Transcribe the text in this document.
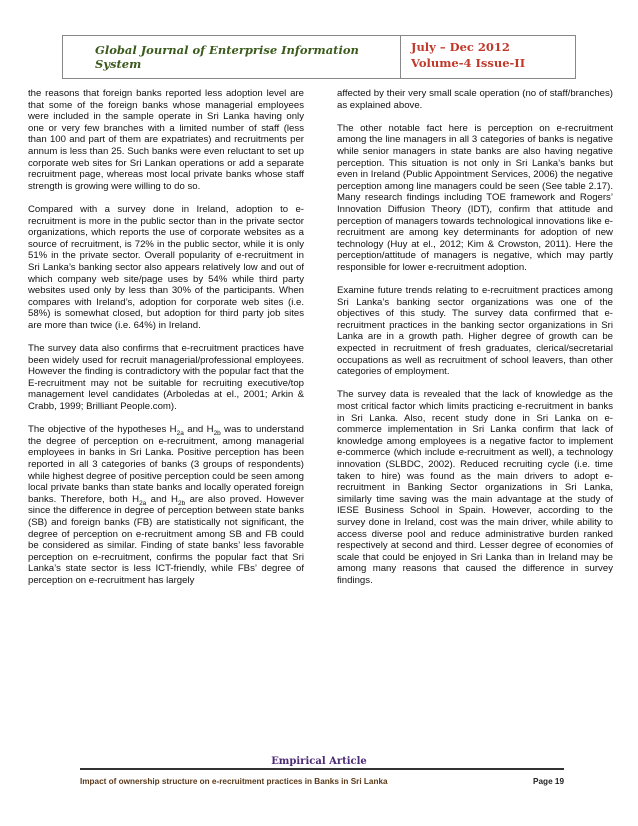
Global Journal of Enterprise Information System
July – Dec 2012
Volume-4 Issue-II

the reasons that foreign banks reported less adoption level are that some of the foreign banks whose managerial employees were included in the sample operate in Sri Lanka having only one or very few branches with a limited number of staff (less than 100 and part of them are expatriates) and recruitments per annum is less than 25. Such banks were even reluctant to set up corporate web sites for Sri Lankan operations or add a separate recruitment page, whereas most local private banks whose staff strength is growing were willing to do so.

Compared with a survey done in Ireland, adoption to e-recruitment is more in the public sector than in the private sector organizations, which reports the use of corporate websites as a source of recruitment, is 72% in the public sector, while it is only 51% in the private sector. Overall popularity of e-recruitment in Sri Lanka’s banking sector also appears relatively low and out of which company web site/page uses by 54% while third party websites used only by less than 30% of the participants. When compares with Ireland’s, adoption for corporate web sites (i.e. 58%) is somewhat closed, but adoption for third party job sites are more than twice (i.e. 64%) in Ireland.

The survey data also confirms that e-recruitment practices have been widely used for recruit managerial/professional employees. However the finding is contradictory with the popular fact that the E-recruitment may not be suitable for recruiting executive/top management level candidates (Arboledas at el., 2001; Arkin & Crabb, 1999; Brilliant People.com).

The objective of the hypotheses $H_{2a}$ and $H_{2b}$ was to understand the degree of perception on e-recruitment, among managerial employees in banks in Sri Lanka. Positive perception has been reported in all 3 categories of banks (3 groups of respondents) while highest degree of positive perception could be seen among local private banks than state banks and locally operated foreign banks. Therefore, both $H_{2a}$ and $H_{2b}$ are also proved. However since the difference in degree of perception between state banks (SB) and foreign banks (FB) are statistically not significant, the degree of perception on e-recruitment among SB and FB could be considered as similar. Finding of state banks’ less favorable perception on e-recruitment, confirms the popular fact that Sri Lanka’s state sector is less ICT-friendly, while FBs’ degree of perception on e-recruitment has largely

affected by their very small scale operation (no of staff/branches) as explained above.

The other notable fact here is perception on e-recruitment among the line managers in all 3 categories of banks is negative while senior managers in state banks are also having negative perception. This situation is not only in Sri Lanka’s banks but even in Ireland (Public Appointment Services, 2006) the negative perception among line managers could be seen (See table 2.17). Many research findings including TOE framework and Rogers’ Innovation Diffusion Theory (IDT), confirm that attitude and perception of managers towards technological innovations like e-recruitment are among key determinants for adoption of new technology (Huy at el., 2012; Kim & Crowston, 2011). Here the perception/attitude of managers is negative, which may partly responsible for lower e-recruitment adoption.

Examine future trends relating to e-recruitment practices among Sri Lanka’s banking sector organizations was one of the objectives of this study. The survey data confirmed that e-recruitment practices in the banking sector organizations in Sri Lanka are in a growth path. Higher degree of growth can be expected in recruitment of fresh graduates, clerical/secretarial occupations as well as recruitment of school leavers, than other categories of employment.

The survey data is revealed that the lack of knowledge as the most critical factor which limits practicing e-recruitment in banks in Sri Lanka. Also, recent study done in Sri Lanka on e-commerce implementation in Sri Lanka confirm that lack of knowledge among employees is a negative factor to implement e-commerce (which include e-recruitment as well), a technology innovation (SLBDC, 2002). Reduced recruiting cycle (i.e. time taken to hire) was found as the main drivers to adopt e-recruitment in Banking Sector organizations in Sri Lanka, similarly time saving was the main advantage at the study of IESE Business School in Spain. However, according to the survey done in Ireland, cost was the main driver, while ability to access diverse pool and reduce administrative burden ranked respectively at second and third. Lesser degree of economies of scale that could be enjoyed in Sri Lanka than in Ireland may be among many reasons that caused the difference in survey findings.

Empirical Article
Impact of ownership structure on e-recruitment practices in Banks in Sri Lanka	Page 19
